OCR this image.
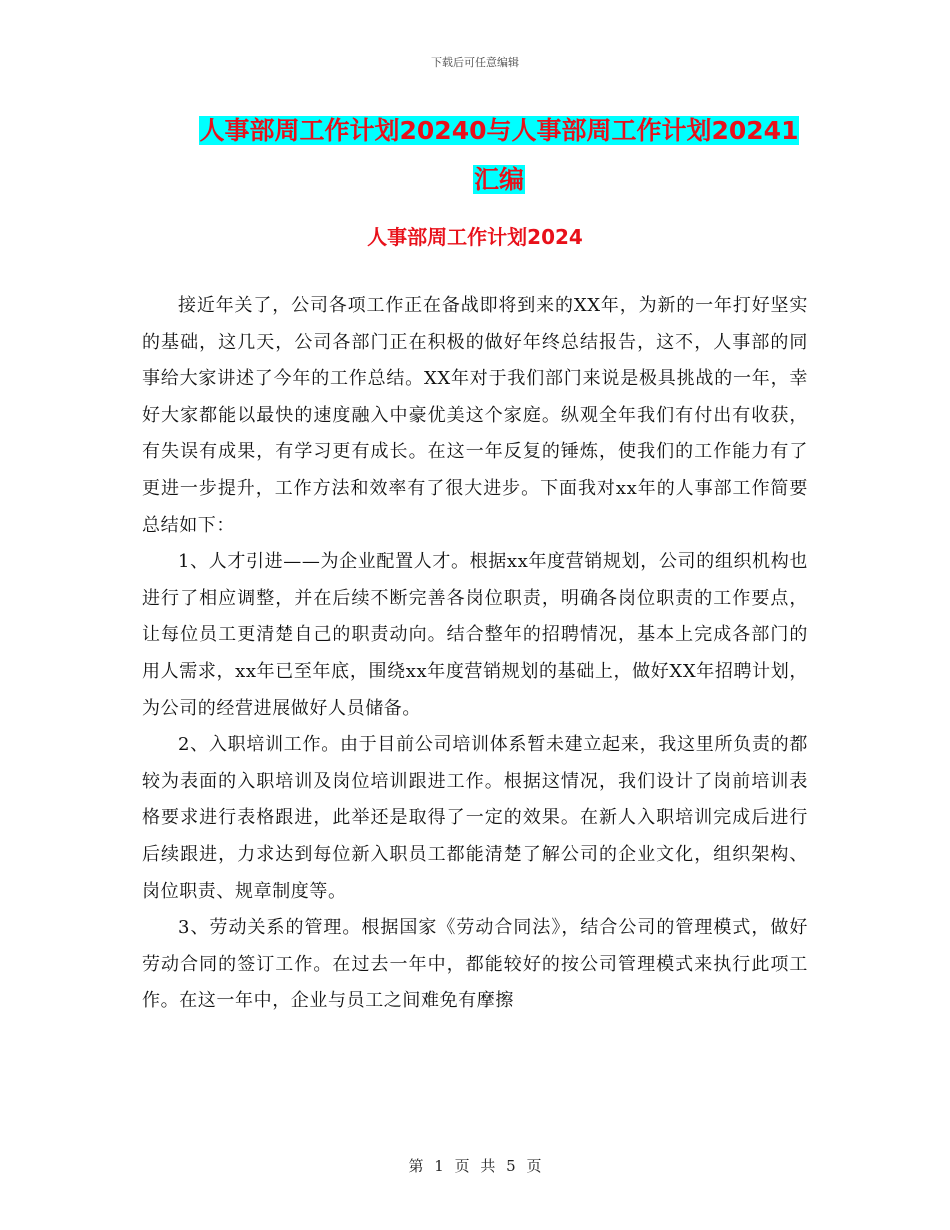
下载后可任意编辑
人事部周工作计划20240与人事部周工作计划20241
汇编
人事部周工作计划2024

接近年关了，公司各项工作正在备战即将到来的XX年，为新的一年打好坚实的基础，这几天，公司各部门正在积极的做好年终总结报告，这不，人事部的同事给大家讲述了今年的工作总结。XX年对于我们部门来说是极具挑战的一年，幸好大家都能以最快的速度融入中豪优美这个家庭。纵观全年我们有付出有收获，有失误有成果，有学习更有成长。在这一年反复的锤炼，使我们的工作能力有了更进一步提升，工作方法和效率有了很大进步。下面我对xx年的人事部工作简要总结如下：

1、人才引进——为企业配置人才。根据xx年度营销规划，公司的组织机构也进行了相应调整，并在后续不断完善各岗位职责，明确各岗位职责的工作要点，让每位员工更清楚自己的职责动向。结合整年的招聘情况，基本上完成各部门的用人需求，xx年已至年底，围绕xx年度营销规划的基础上，做好XX年招聘计划，为公司的经营进展做好人员储备。

2、入职培训工作。由于目前公司培训体系暂未建立起来，我这里所负责的都较为表面的入职培训及岗位培训跟进工作。根据这情况，我们设计了岗前培训表格要求进行表格跟进，此举还是取得了一定的效果。在新人入职培训完成后进行后续跟进，力求达到每位新入职员工都能清楚了解公司的企业文化，组织架构、岗位职责、规章制度等。

3、劳动关系的管理。根据国家《劳动合同法》，结合公司的管理模式，做好劳动合同的签订工作。在过去一年中，都能较好的按公司管理模式来执行此项工作。在这一年中，企业与员工之间难免有摩擦

第 1 页 共 5 页
